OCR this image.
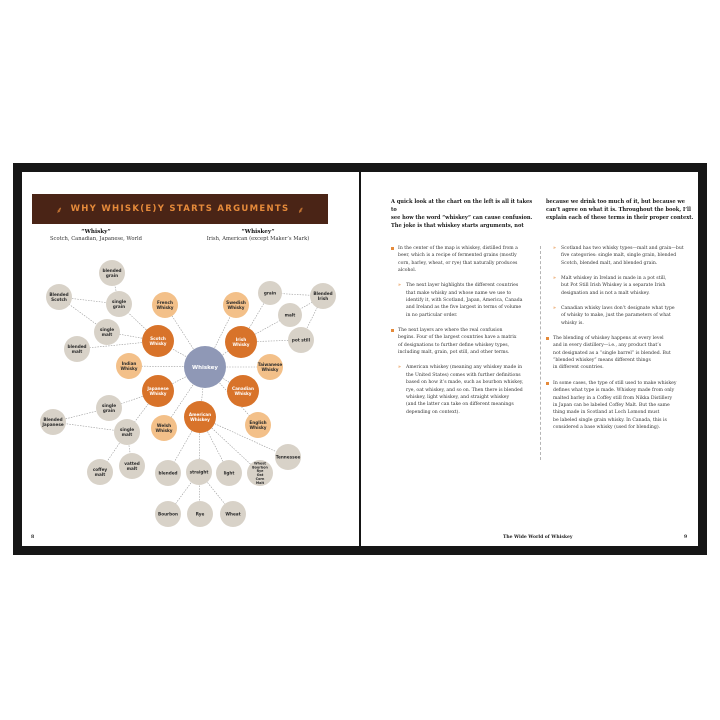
⸙ WHY WHISK(E)Y STARTS ARGUMENTS ⸙
“Whisky”
Scotch, Canadian, Japanese, World
“Whiskey”
Irish, American (except Maker’s Mark)
Whiskey
Scotch
Whisky
Irish
Whisky
Japanese
Whisky
Canadian
Whisky
American
Whiskey
French
Whisky
Swedish
Whisky
Indian
Whisky
Taiwanese
Whisky
Welsh
Whisky
English
Whisky
blended
grain
Blended
Scotch	single
grain
single
malt
blended
malt
grain	Blended
Irish
malt
pot still
Blended
Japanese
single
grain
single
malt
coffey
malt
vatted
malt
blended	straight	light
Wheat
Bourbon
Rye
Oat
Corn
Malt
Tennessee
Bourbon	Rye	Wheat
A quick look at the chart on the left is all it takes to
see how the word “whiskey” can cause confusion.
The joke is that whiskey starts arguments, not
because we drink too much of it, but because we
can’t agree on what it is. Throughout the book, I’ll
explain each of these terms in their proper context.

In the center of the map is whiskey, distilled from a
beer, which is a recipe of fermented grains (mostly
corn, barley, wheat, or rye) that naturally produces
alcohol.

» The next layer highlights the different countries
that make whisky and whose name we use to
identify it, with Scotland, Japan, America, Canada
and Ireland as the five largest in terms of volume
in no particular order.

The next layers are where the real confusion
begins. Four of the largest countries have a matrix
of designations to further define whiskey types,
including malt, grain, pot still, and other terms.

» American whiskey (meaning any whiskey made in
the United States) comes with further definitions
based on how it’s made, such as bourbon whiskey,
rye, oat whiskey, and so on. Then there is blended
whiskey, light whiskey, and straight whiskey
(and the latter can take on different meanings
depending on context).

» Scotland has two whisky types—malt and grain—but
five categories: single malt, single grain, blended
Scotch, blended malt, and blended grain.

» Malt whiskey in Ireland is made in a pot still,
but Pot Still Irish Whiskey is a separate Irish
designation and is not a malt whiskey.

» Canadian whisky laws don’t designate what type
of whisky to make, just the parameters of what
whisky is.

The blending of whiskey happens at every level
and in every distillery—i.e., any product that’s
not designated as a “single barrel” is blended. But
“blended whiskey” means different things
in different countries.

In some cases, the type of still used to make whiskey
defines what type is made. Whiskey made from only
malted barley in a Coffey still from Nikka Distillery
in Japan can be labeled Coffey Malt. But the same
thing made in Scotland at Loch Lomond must
be labeled single grain whisky. In Canada, this is
considered a base whisky (used for blending).

8	The Wide World of Whiskey	9
